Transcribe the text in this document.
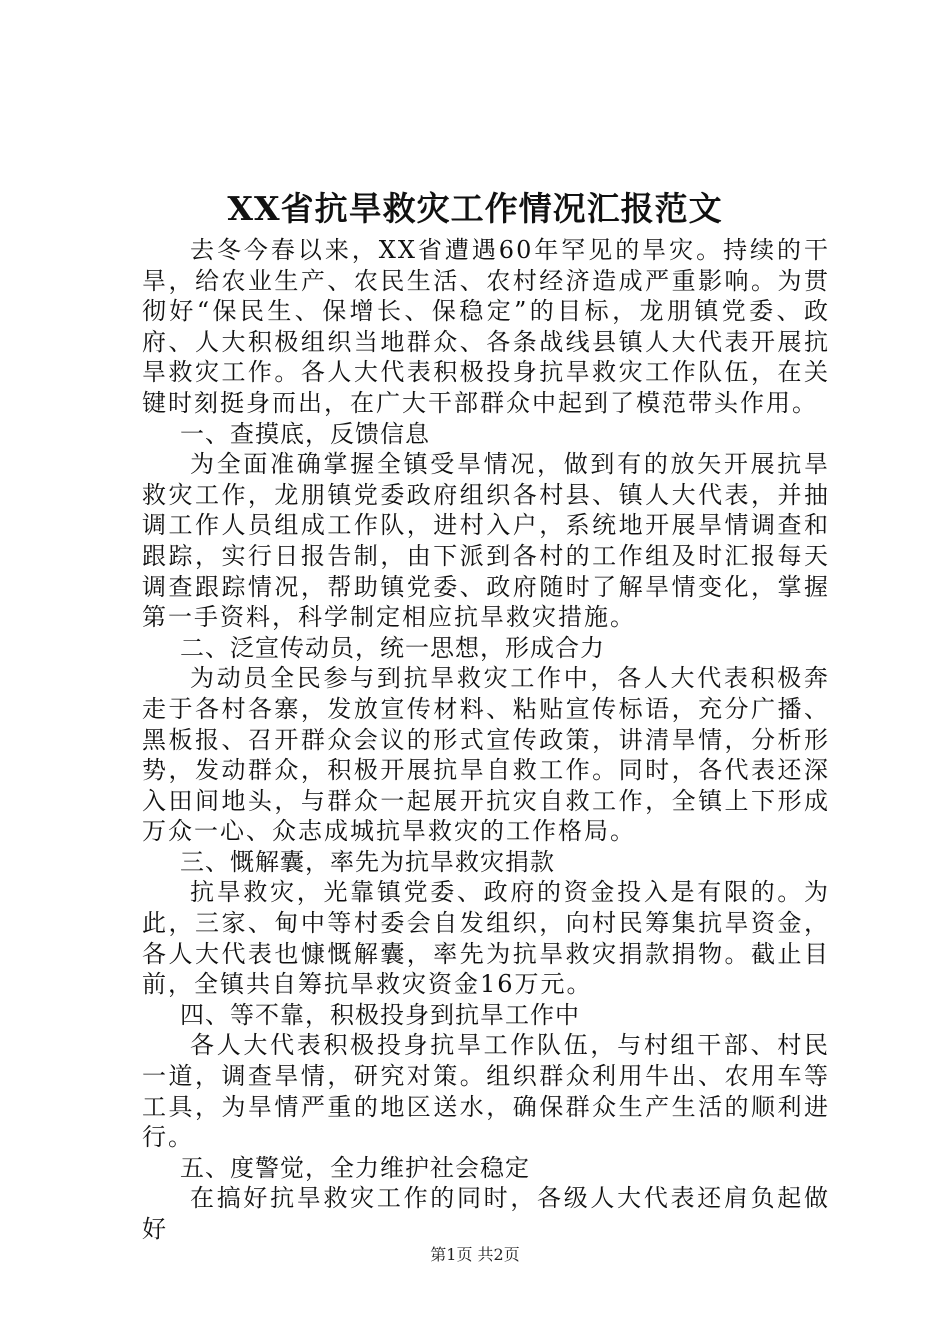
XX省抗旱救灾工作情况汇报范文

去冬今春以来，XX省遭遇60年罕见的旱灾。持续的干旱，给农业生产、农民生活、农村经济造成严重影响。为贯彻好“保民生、保增长、保稳定”的目标，龙朋镇党委、政府、人大积极组织当地群众、各条战线县镇人大代表开展抗旱救灾工作。各人大代表积极投身抗旱救灾工作队伍，在关键时刻挺身而出，在广大干部群众中起到了模范带头作用。

一、查摸底，反馈信息

为全面准确掌握全镇受旱情况，做到有的放矢开展抗旱救灾工作，龙朋镇党委政府组织各村县、镇人大代表，并抽调工作人员组成工作队，进村入户，系统地开展旱情调查和跟踪，实行日报告制，由下派到各村的工作组及时汇报每天调查跟踪情况，帮助镇党委、政府随时了解旱情变化，掌握第一手资料，科学制定相应抗旱救灾措施。

二、泛宣传动员，统一思想，形成合力

为动员全民参与到抗旱救灾工作中，各人大代表积极奔走于各村各寨，发放宣传材料、粘贴宣传标语，充分广播、黑板报、召开群众会议的形式宣传政策，讲清旱情，分析形势，发动群众，积极开展抗旱自救工作。同时，各代表还深入田间地头，与群众一起展开抗灾自救工作，全镇上下形成万众一心、众志成城抗旱救灾的工作格局。

三、慨解囊，率先为抗旱救灾捐款

抗旱救灾，光靠镇党委、政府的资金投入是有限的。为此，三家、甸中等村委会自发组织，向村民筹集抗旱资金，各人大代表也慷慨解囊，率先为抗旱救灾捐款捐物。截止目前，全镇共自筹抗旱救灾资金16万元。

四、等不靠，积极投身到抗旱工作中

各人大代表积极投身抗旱工作队伍，与村组干部、村民一道，调查旱情，研究对策。组织群众利用牛出、农用车等工具，为旱情严重的地区送水，确保群众生产生活的顺利进行。

五、度警觉，全力维护社会稳定

在搞好抗旱救灾工作的同时，各级人大代表还肩负起做好

第1页 共2页
